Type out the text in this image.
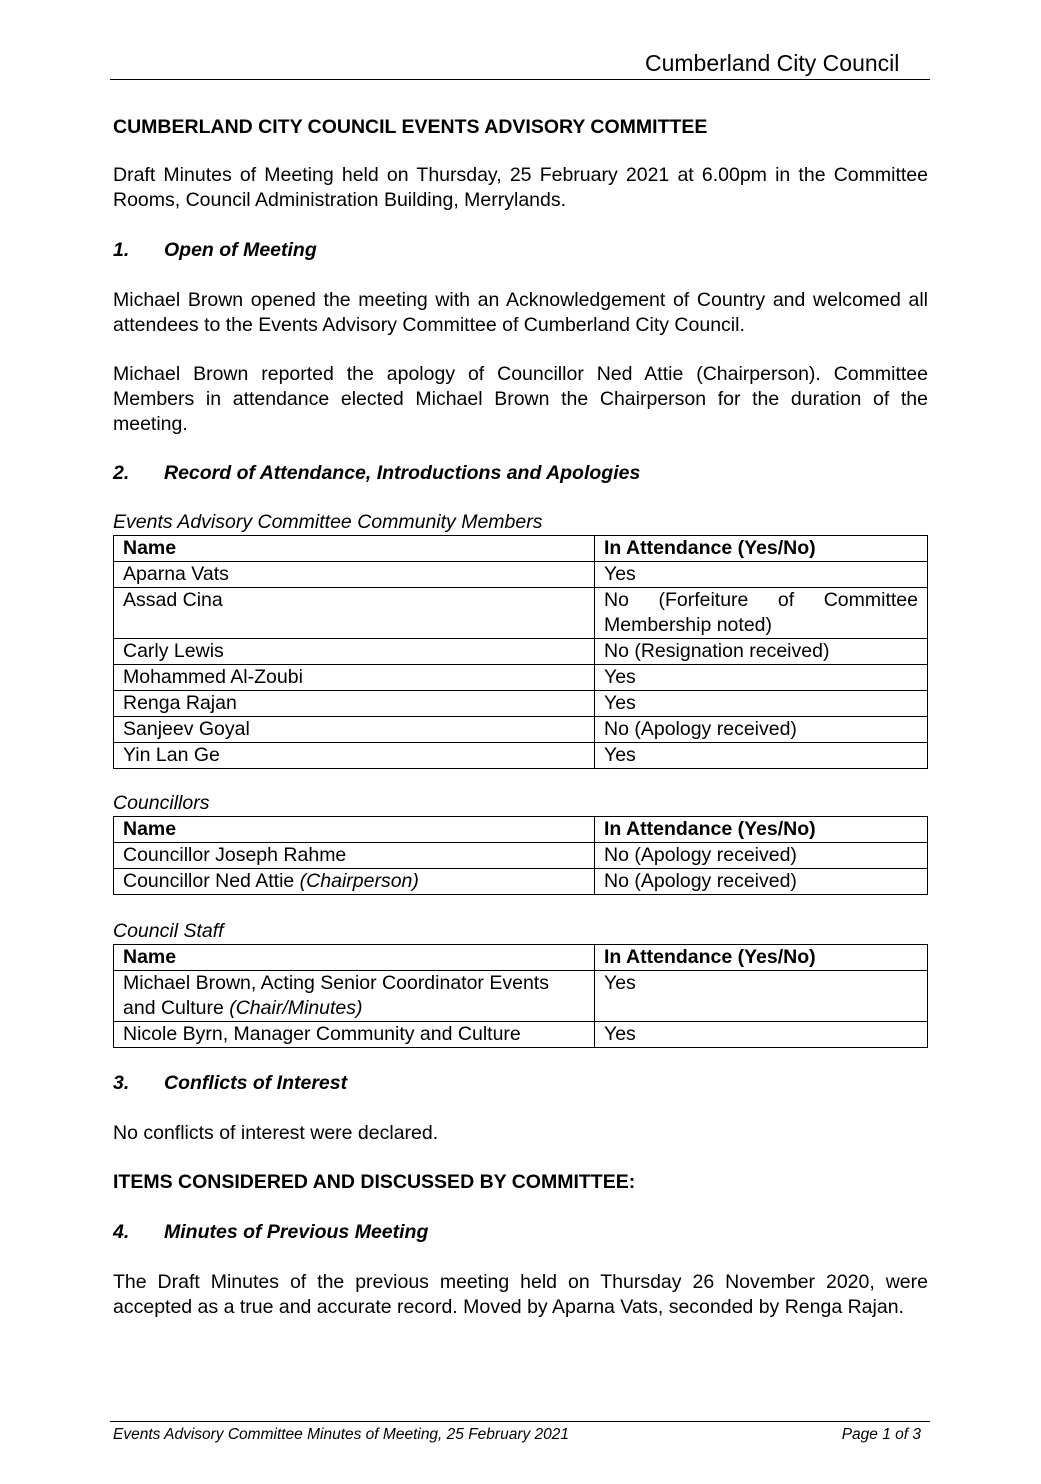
Cumberland City Council
CUMBERLAND CITY COUNCIL EVENTS ADVISORY COMMITTEE
Draft Minutes of Meeting held on Thursday, 25 February 2021 at 6.00pm in the Committee Rooms, Council Administration Building, Merrylands.
1. Open of Meeting
Michael Brown opened the meeting with an Acknowledgement of Country and welcomed all attendees to the Events Advisory Committee of Cumberland City Council.
Michael Brown reported the apology of Councillor Ned Attie (Chairperson). Committee Members in attendance elected Michael Brown the Chairperson for the duration of the meeting.
2. Record of Attendance, Introductions and Apologies
Events Advisory Committee Community Members
Name	In Attendance (Yes/No)
Aparna Vats	Yes
Assad Cina	No (Forfeiture of Committee Membership noted)
Carly Lewis	No (Resignation received)
Mohammed Al-Zoubi	Yes
Renga Rajan	Yes
Sanjeev Goyal	No (Apology received)
Yin Lan Ge	Yes
Councillors
Name	In Attendance (Yes/No)
Councillor Joseph Rahme	No (Apology received)
Councillor Ned Attie (Chairperson)	No (Apology received)
Council Staff
Name	In Attendance (Yes/No)
Michael Brown, Acting Senior Coordinator Events and Culture (Chair/Minutes)	Yes
Nicole Byrn, Manager Community and Culture	Yes
3. Conflicts of Interest
No conflicts of interest were declared.
ITEMS CONSIDERED AND DISCUSSED BY COMMITTEE:
4. Minutes of Previous Meeting
The Draft Minutes of the previous meeting held on Thursday 26 November 2020, were accepted as a true and accurate record. Moved by Aparna Vats, seconded by Renga Rajan.
Events Advisory Committee Minutes of Meeting, 25 February 2021	Page 1 of 3
